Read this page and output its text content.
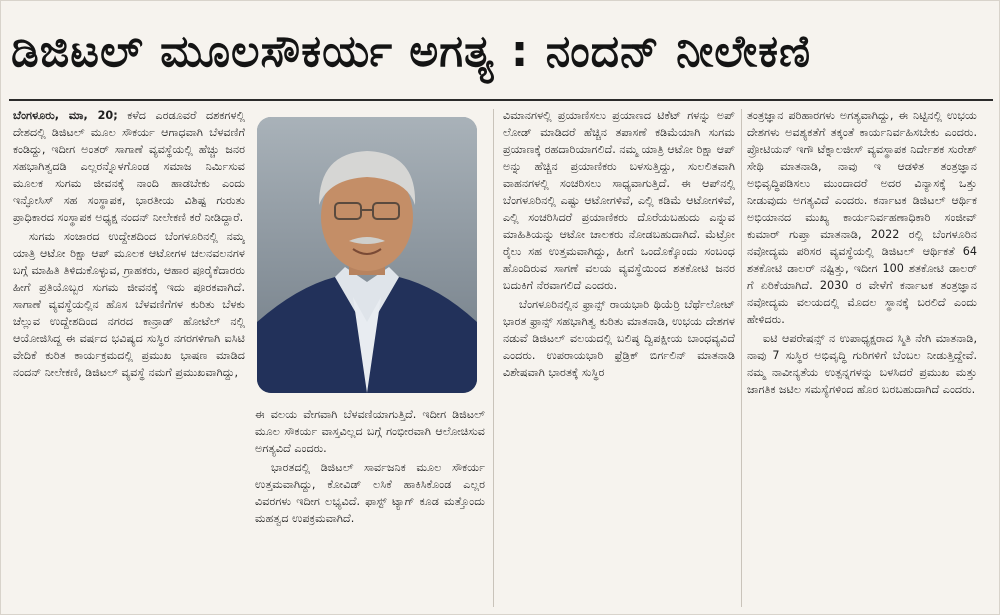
ಡಿಜಿಟಲ್ ಮೂಲಸೌಕರ್ಯ ಅಗತ್ಯ : ನಂದನ್ ನೀಲೇಕಣಿ

ಬೆಂಗಳೂರು, ಮಾ, 20; ಕಳೆದ ಎರಡೂವರೆ ದಶಕಗಳಲ್ಲಿ ದೇಶದಲ್ಲಿ ಡಿಜಿಟಲ್ ಮೂಲ ಸೌಕರ್ಯ ಆಗಾಧವಾಗಿ ಬೆಳವಣಿಗೆ ಕಂಡಿದ್ದು, ಇದೀಗ ಅಂತರ್ ಸಾಗಾಣೆ ವ್ಯವಸ್ಥೆಯಲ್ಲಿ ಹೆಚ್ಚು ಜನರ ಸಹಭಾಗಿತ್ವದಡಿ ಎಲ್ಲರನ್ನೊಳಗೊಂಡ ಸಮಾಜ ನಿರ್ಮಿಸುವ ಮೂಲಕ ಸುಗಮ ಜೀವನಕ್ಕೆ ನಾಂದಿ ಹಾಡಬೇಕು ಎಂದು ಇನ್ಫೋಸಿಸ್ ಸಹ ಸಂಸ್ಥಾಪಕ, ಭಾರತೀಯ ವಿಶಿಷ್ಟ ಗುರುತು ಪ್ರಾಧಿಕಾರದ ಸಂಸ್ಥಾಪಕ ಅಧ್ಯಕ್ಷ ನಂದನ್ ನೀಲೇಕಣಿ ಕರೆ ನೀಡಿದ್ದಾರೆ.

ಸುಗಮ ಸಂಚಾರದ ಉದ್ದೇಶದಿಂದ ಬೆಂಗಳೂರಿನಲ್ಲಿ ನಮ್ಮ ಯಾತ್ರಿ ಆಟೋ ರಿಕ್ಷಾ ಆಪ್ ಮೂಲಕ ಆಟೋಗಳ ಚಲನವಲನಗಳ ಬಗ್ಗೆ ಮಾಹಿತಿ ತಿಳಿದುಕೊಳ್ಳುವ, ಗ್ರಾಹಕರು, ಆಹಾರ ಪೂರೈಕೆದಾರರು ಹೀಗೆ ಪ್ರತಿಯೊಬ್ಬರ ಸುಗಮ ಜೀವನಕ್ಕೆ ಇದು ಪೂರಕವಾಗಿದೆ. ಸಾಗಾಣೆ ವ್ಯವಸ್ಥೆಯಲ್ಲಿನ ಹೊಸ ಬೆಳವಣಿಗೆಗಳ ಕುರಿತು ಬೆಳಕು ಚೆಲ್ಲುವ ಉದ್ದೇಶದಿಂದ ನಗರದ ಕಾನ್ರಾಡ್ ಹೋಟೆಲ್ ನಲ್ಲಿ ಆಯೋಜಿಸಿದ್ದ ಈ ವರ್ಷದ ಭವಿಷ್ಯದ ಸುಸ್ಥಿರ ನಗರಗಳಿಗಾಗಿ ಐಸಿಟಿ ವೇದಿಕೆ ಕುರಿತ ಕಾರ್ಯಕ್ರಮದಲ್ಲಿ ಪ್ರಮುಖ ಭಾಷಣ ಮಾಡಿದ ನಂದನ್ ನೀಲೇಕಣಿ, ಡಿಜಿಟಲ್ ವ್ಯವಸ್ಥೆ ನಮಗೆ ಪ್ರಮುಖವಾಗಿದ್ದು,

ಈ ವಲಯ ವೇಗವಾಗಿ ಬೆಳವಣಿಯಾಗುತ್ತಿದೆ. ಇದೀಗ ಡಿಜಿಟಲ್ ಮೂಲ ಸೌಕರ್ಯ ವಾಸ್ತವಿಲ್ಲದ ಬಗ್ಗೆ ಗಂಭೀರವಾಗಿ ಆಲೋಚಿಸುವ ಅಗತ್ಯವಿದೆ ಎಂದರು.

ಭಾರತದಲ್ಲಿ ಡಿಜಿಟಲ್ ಸಾರ್ವಜನಿಕ ಮೂಲ ಸೌಕರ್ಯ ಉತ್ತಮವಾಗಿದ್ದು, ಕೋವಿಡ್ ಲಸಿಕೆ ಹಾಕಿಸಿಕೊಂಡ ಎಲ್ಲರ ವಿವರಗಳು ಇದೀಗ ಲಭ್ಯವಿದೆ. ಫಾಸ್ಟ್ ಟ್ಯಾಗ್ ಕೂಡ ಮತ್ತೊಂದು ಮಹತ್ವದ ಉಪಕ್ರಮವಾಗಿದೆ.

ವಿಮಾನಗಳಲ್ಲಿ ಪ್ರಯಾಣಿಸಲು ಪ್ರಯಾಣದ ಟಿಕೆಟ್ ಗಳನ್ನು ಅಪ್ ಲೋಡ್ ಮಾಡಿದರೆ ಹೆಚ್ಚಿನ ತಪಾಸಣೆ ಕಡಿಮೆಯಾಗಿ ಸುಗಮ ಪ್ರಯಾಣಕ್ಕೆ ರಹದಾರಿಯಾಗಲಿದೆ. ನಮ್ಮ ಯಾತ್ರಿ ಆಟೋ ರಿಕ್ಷಾ ಆಪ್ ಅನ್ನು ಹೆಚ್ಚಿನ ಪ್ರಯಾಣಿಕರು ಬಳಸುತ್ತಿದ್ದು, ಸುಲಲಿತವಾಗಿ ವಾಹನಗಳಲ್ಲಿ ಸಂಚರಿಸಲು ಸಾಧ್ಯವಾಗುತ್ತಿದೆ. ಈ ಆಪ್‌ನಲ್ಲಿ ಬೆಂಗಳೂರಿನಲ್ಲಿ ಎಷ್ಟು ಆಟೋಗಳಿವೆ, ಎಲ್ಲಿ ಕಡಿಮೆ ಆಟೋಗಳಿವೆ, ಎಲ್ಲಿ ಸಂಚರಿಸಿದರೆ ಪ್ರಯಾಣಿಕರು ದೊರೆಯಬಹುದು ಎನ್ನುವ ಮಾಹಿತಿಯನ್ನು ಆಟೋ ಚಾಲಕರು ನೋಡಬಹುದಾಗಿದೆ. ಮೆಟ್ರೋ ರೈಲು ಸಹ ಉತ್ತಮವಾಗಿದ್ದು, ಹೀಗೆ ಒಂದೊಕ್ಕೊಂದು ಸಂಬಂಧ ಹೊಂದಿರುವ ಸಾಗಣೆ ವಲಯ ವ್ಯವಸ್ಥೆಯಿಂದ ಶತಕೋಟಿ ಜನರ ಬದುಕಿಗೆ ನೆರವಾಗಲಿದೆ ಎಂದರು.

ಬೆಂಗಳೂರಿನಲ್ಲಿನ ಫ್ರಾನ್ಸ್ ರಾಯಭಾರಿ ಥಿಯೆರ್ರಿ ಬೆರ್ಥೆಲೋಟ್ ಭಾರತ ಫ್ರಾನ್ಸ್ ಸಹಭಾಗಿತ್ವ ಕುರಿತು ಮಾತನಾಡಿ, ಉಭಯ ದೇಶಗಳ ನಡುವೆ ಡಿಜಿಟಲ್ ವಲಯದಲ್ಲಿ ಬಲಿಷ್ಠ ದ್ವಿಪಕ್ಷೀಯ ಬಾಂಧವ್ಯವಿದೆ ಎಂದರು. ಉಪರಾಯಭಾರಿ ಫ್ರೆಡ್ರಿಕ್ ಬಿರ್ಗಲಿನ್ ಮಾತನಾಡಿ ವಿಶೇಷವಾಗಿ ಭಾರತಕ್ಕೆ ಸುಸ್ಥಿರ

ತಂತ್ರಜ್ಞಾನ ಪರಿಹಾರಗಳು ಅಗತ್ಯವಾಗಿದ್ದು, ಈ ನಿಟ್ಟಿನಲ್ಲಿ ಉಭಯ ದೇಶಗಳು ಅವಶ್ಯಕತೆಗೆ ತಕ್ಕಂತೆ ಕಾರ್ಯನಿರ್ವಹಿಸಬೇಕು ಎಂದರು. ಪ್ರೋಟಿಯನ್ ಇಗೌ ಟೆಕ್ನಾಲಜೀಸ್ ವ್ಯವಸ್ಥಾಪಕ ನಿರ್ದೇಶಕ ಸುರೇಶ್ ಸೇಥಿ ಮಾತನಾಡಿ, ನಾವು ಇ ಆಡಳಿತ ತಂತ್ರಜ್ಞಾನ ಅಭಿವೃದ್ಧಿಪಡಿಸಲು ಮುಂದಾದರೆ ಅದರ ವಿನ್ಯಾಸಕ್ಕೆ ಒತ್ತು ನೀಡುವುದು ಅಗತ್ಯವಿದೆ ಎಂದರು. ಕರ್ನಾಟಕ ಡಿಜಿಟಲ್ ಆರ್ಥಿಕ ಅಭಿಯಾನದ ಮುಖ್ಯ ಕಾರ್ಯನಿರ್ವಹಣಾಧಿಕಾರಿ ಸಂಜೀವ್ ಕುಮಾರ್ ಗುಪ್ತಾ ಮಾತನಾಡಿ, 2022 ರಲ್ಲಿ ಬೆಂಗಳೂರಿನ ನವೋದ್ಯಮ ಪರಿಸರ ವ್ಯವಸ್ಥೆಯಲ್ಲಿ ಡಿಜಿಟಲ್ ಆರ್ಥಿಕತೆ 64 ಶತಕೋಟಿ ಡಾಲರ್ ನಷ್ಟಿತ್ತು, ಇದೀಗ 100 ಶತಕೋಟಿ ಡಾಲರ್ ಗೆ ಏರಿಕೆಯಾಗಿದೆ. 2030 ರ ವೇಳೆಗೆ ಕರ್ನಾಟಕ ತಂತ್ರಜ್ಞಾನ ನವೋದ್ಯಮ ವಲಯದಲ್ಲಿ ಮೊದಲ ಸ್ಥಾನಕ್ಕೆ ಬರಲಿದೆ ಎಂದು ಹೇಳಿದರು.

ಐಟಿ ಆಪರೇಷನ್ಸ್ ನ ಉಪಾಧ್ಯಕ್ಷರಾದ ಸ್ಮಿತಿ ನೇಗಿ ಮಾತನಾಡಿ, ನಾವು 7 ಸುಸ್ಥಿರ ಅಭಿವೃದ್ಧಿ ಗುರಿಗಳಿಗೆ ಬೆಂಬಲ ನೀಡುತ್ತಿದ್ದೇವೆ. ನಮ್ಮ ನಾವೀನ್ಯತೆಯ ಉತ್ಪನ್ನಗಳನ್ನು ಬಳಸಿದರೆ ಪ್ರಮುಖ ಮತ್ತು ಜಾಗತಿಕ ಜಟಿಲ ಸಮಸ್ಯೆಗಳಿಂದ ಹೊರ ಬರಬಹುದಾಗಿದೆ ಎಂದರು.
